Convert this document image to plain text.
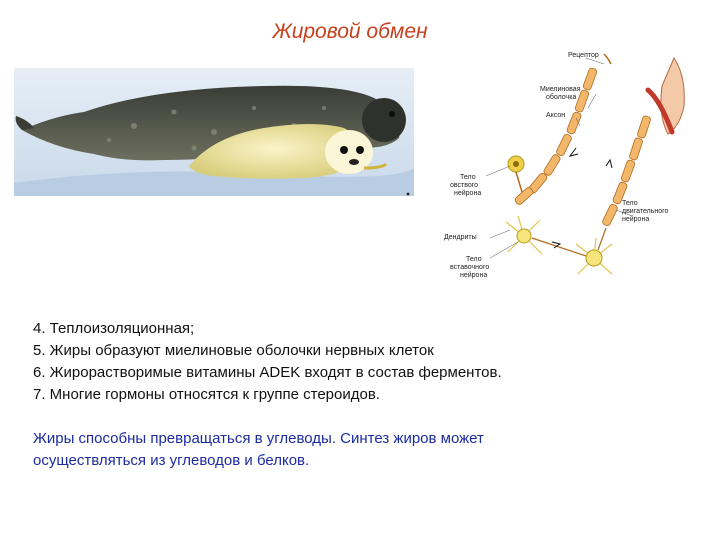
Жировой обмен
Рецептор
Миелиновая
оболочка
Аксон
Тело
овствого
нейрона
Дендриты
Тело
двигательного
нейрона
Тело
вставочного
нейрона
4. Теплоизоляционная;
5. Жиры образуют миелиновые оболочки нервных клеток
6. Жирорастворимые витамины ADEK входят в состав ферментов.
7. Многие гормоны относятся к группе стероидов.
Жиры способны превращаться в углеводы. Синтез жиров может осуществляться из углеводов и белков.
